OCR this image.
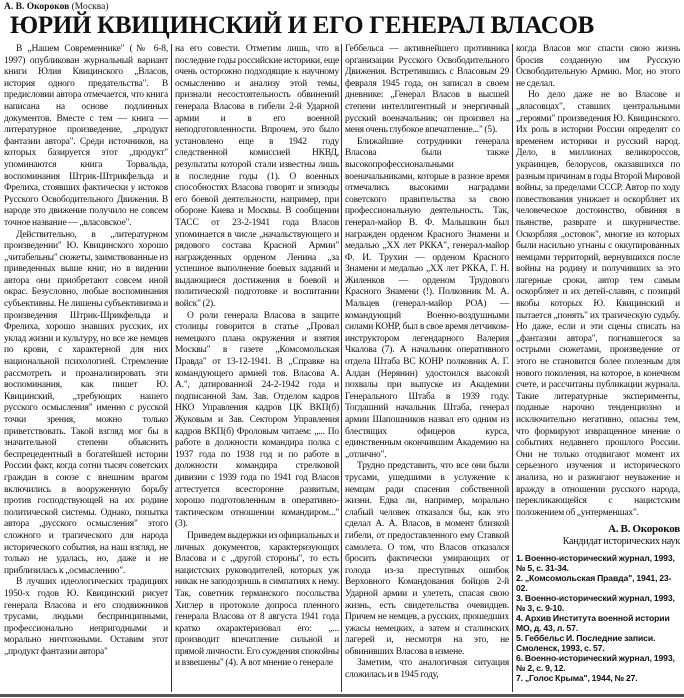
А. В. Окороков (Москва)
ЮРИЙ КВИЦИНСКИЙ И ЕГО ГЕНЕРАЛ ВЛАСОВ

В „Нашем Современнике" (№ 6-8, 1997) опубликован журнальный вариант книги Юлия Квицинского „Власов, история одного предательства". В предисловии автора отмечается, что книга написана на основе подлинных документов. Вместе с тем — книга — литературное произведение, „продукт фантазии автора". Среди источников, на которых базируется этот „продукт" упоминаются книга Торвальда, воспоминания Штрик-Штрикфельда и Фрелиха, стоявших фактически у истоков Русского Освободительного Движения. В народе это движение получило не совсем точное название — „власовское".

Действительно, в „литературном произведении" Ю. Квицинского хорошо „читабельны" сюжеты, заимствованные из приведенных выше книг, но в видении автора они приобретают совсем иной окрас. Безусловно, любые воспоминания субъективны. Не лишены субъективизма и произведения Штрик-Шрикфельда и Фрелиха, хорошо знавших русских, их уклад жизни и культуру, но все же немцев по крови, с характерной для них национальной психологией. Стремление рассмотреть и проанализировать эти воспоминания, как пишет Ю. Квицинский, „требующих нашего русского осмысления" именно с русской точки зрения, можно только приветствовать. Такой взгляд мог бы в значительной степени объяснить беспрецедентный в богатейшей истории России факт, когда сотни тысяч советских граждан в союзе с внешним врагом включились в вооруженную борьбу против господствующей на их родине политической системы. Однако, попытка автора „русского осмысления" этого сложного и трагического для народа исторического события, на наш взгляд, не только не удалась, но, даже и не приблизилась к „осмыслению".

В лучших идеологических традициях 1950-х годов Ю. Квицинский рисует генерала Власова и его сподвижников трусами, людьми беспринципными, профессионально непригодными и морально ничтожными. Оставим этот „продукт фантазии автора"

на его совести. Отметим лишь, что в последние годы российские историки, еще очень осторожно подходящие к научному осмыслению и анализу этой темы, признали несостоятельность обвинений генерала Власова в гибели 2-й Ударной армии и в его военной неподготовленности. Впрочем, это было установлено еще в 1942 году следственной комиссией НКВД, результаты которой стали известны лишь в последние годы (1). О военных способностях Власова говорят и эпизоды его боевой деятельности, например, при обороне Киева и Москвы. В сообщении ТАСС от 23-2-1941 года Власов упоминается в числе „начальствующего и рядового состава Красной Армии" награжденных орденом Ленина „за успешное выполнение боевых заданий и выдающиеся достижения в боевой и политической подготовке и воспитании войск" (2).

О роли генерала Власова в защите столицы говорится в статье „Провал немецкого плана окружения и взятия Москвы" в газете „Комсомольская Правда" от 13-12-1941. В „Справке на командующего армией тов. Власова А. А.", датированной 24-2-1942 года и подписанной Зам. Зав. Отделом кадров НКО Управления кадров ЦК ВКП(б) Жуковым и Зав. Сектором Управления кадров ВКП(б) Фроловым читаем: „... По работе в должности командира полка с 1937 года по 1938 год и по работе в должности командира стрелковой дивизии с 1939 года по 1941 год Власов аттестуется всесторонне развитым, хорошо подготовленным в оперативно-тактическом отношении командиром..." (3).

Приведем выдержки из официальных и личных документов, характеризующих Власова и с „другой стороны", то есть нацистских руководителей, которых уж никак не заподозришь в симпатиях к нему. Так, советник германского посольства Хиглер в протоколе допроса пленного генерала Власова от 8 августа 1941 года кратко охарактеризовал его: „... производит впечатление сильной и прямой личности. Его суждения спокойны и взвешены" (4). А вот мнение о генерале

Геббельса — активнейшего противника организации Русского Освободительного Движения. Встретившись с Власовым 29 февраля 1945 года, он записал в своем дневнике: „Генерал Власов в высшей степени интеллигентный и энергичный русский военачальник; он произвел на меня очень глубокое впечатление..." (5).

Ближайшие сотрудники генерала Власова были также высокопрофессиональными военачальниками, которые в разное время отмечались высокими наградами советского правительства за свою профессиональную деятельность. Так, генерал-майор В. Ф. Малышкин был награжден орденом Красного Знамени и медалью „XX лет РККА", генерал-майор Ф. И. Трухин — орденом Красного Знамени и медалью „XX лет РККА, Г. Н. Жиленков — орденом Трудового Красного Знамени (!). Полковник М. А. Мальцев (генерал-майор РОА) — командующий Военно-воздушными силами КОНР, был в свое время летчиком-инструктором легендарного Валерия Чкалова (7). А начальник оперативного отдела Штаба ВС КОНР полковник А. Г. Алдан (Нерянин) удостоился высокой похвалы при выпуске из Академии Генерального Штаба в 1939 году. Тогдашний начальник Штаба, генерал армии Шапошников назвал его одним из блестящих офицеров курса, единственным окончившим Академию на „отлично".

Трудно представить, что все они были трусами, ушедшими в услужение к немцам ради спасения собственной жизни. Едва ли, например, морально слабый человек отказался бы, как это сделал А. А. Власов, в момент близкой гибели, от предоставленного ему Ставкой самолета. О том, что Власов отказался бросить фактически умирающих от голода из-за преступных ошибок Верховного Командования бойцов 2-й Ударной армии и улететь, спасая свою жизнь, есть свидетельства очевидцев. Причем не немцев, а русских, прошедших ужасы немецких, а затем и сталинских лагерей и, несмотря на это, не обвинивших Власова в измене.

Заметим, что аналогичная ситуация сложилась и в 1945 году,

когда Власов мог спасти свою жизнь бросив созданную им Русскую Освободительную Армию. Мог, но этого не сделал.

Но дело даже не во Власове и „власовцах", ставших центральными „героями" произведения Ю. Квицинского. Их роль в истории России определят со временем историки и русский народ. Дело, в миллионах великороссов, украинцев, белорусов, оказавшихся по разным причинам в годы Второй Мировой войны, за пределами СССР. Автор по ходу повествования унижает и оскорбляет их человеческое достоинство, обвиняя в пьянстве, разврате и шкурничестве. Оскорбляя „остовок", многие из которых были насильно угнаны с оккупированных немцами территорий, вернувшихся после войны на родину и получивших за это лагерные сроки, автор тем самым оскорбляет и их детей-славян, с позиций якобы которых Ю. Квицинский и пытается „понять" их трагическую судьбу. Но даже, если и эти сцены списать на „фантазии автора", погнавшегося за острыми сюжетами, произведение от этого не становится более полезным для нового поколения, на которое, в конечном счете, и рассчитаны публикации журнала. Такие литературные эксперименты, поданые нарочно тенденциозно и исключительно негативно, опасны тем, что формируют извращенное мнение о событиях недавнего прошлого России. Они не только отодвигают момент их серьезного изучения и исторического анализа, но и разжигают неуважение и вражду в отношении русского народа, перекликающейся с нацистским положением об „унтерменшах".

А. В. Окороков
Кандидат исторических наук
1. Военно-исторический журнал, 1993, № 5, с. 31-34.
2. „Комсомольская Правда", 1941, 23-02.
3. Военно-исторический журнал, 1993, № 3, с. 9-10.
4. Архив Института военной истории МО, д. 43, л. 57.
5. Геббельс И. Последние записи. Смоленск, 1993, с. 57.
6. Военно-исторический журнал, 1993, № 2, с. 9, 12.
7. „Голос Крыма", 1944, № 27.
